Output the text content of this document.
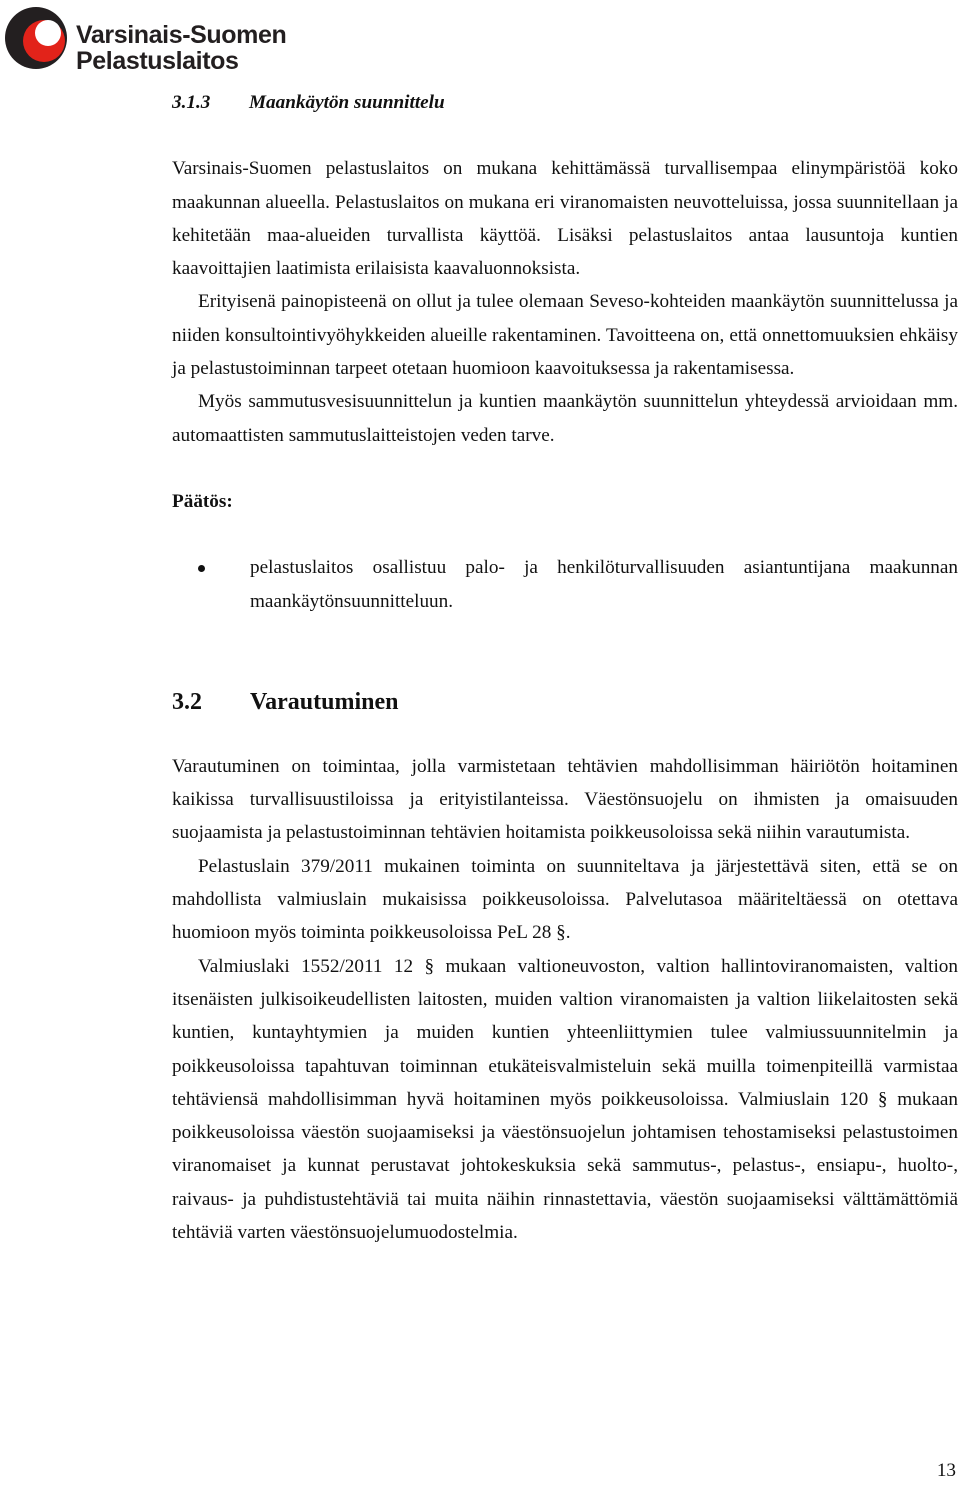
Varsinais-Suomen
Pelastuslaitos
3.1.3 Maankäytön suunnittelu

Varsinais-Suomen pelastuslaitos on mukana kehittämässä turvallisempaa elinympäristöä koko maakunnan alueella. Pelastuslaitos on mukana eri viranomaisten neuvotteluissa, jossa suunnitellaan ja kehitetään maa-alueiden turvallista käyttöä. Lisäksi pelastuslaitos antaa lausuntoja kuntien kaavoittajien laatimista erilaisista kaavaluonnoksista.

Erityisenä painopisteenä on ollut ja tulee olemaan Seveso-kohteiden maankäytön suunnittelussa ja niiden konsultointivyöhykkeiden alueille rakentaminen. Tavoitteena on, että onnettomuuksien ehkäisy ja pelastustoiminnan tarpeet otetaan huomioon kaavoituksessa ja rakentamisessa.

Myös sammutusvesisuunnittelun ja kuntien maankäytön suunnittelun yhteydessä arvioidaan mm. automaattisten sammutuslaitteistojen veden tarve.

Päätös:

pelastuslaitos osallistuu palo- ja henkilöturvallisuuden asiantuntijana maakunnan maankäytönsuunnitteluun.
3.2 Varautuminen

Varautuminen on toimintaa, jolla varmistetaan tehtävien mahdollisimman häiriötön hoitaminen kaikissa turvallisuustiloissa ja erityistilanteissa. Väestönsuojelu on ihmisten ja omaisuuden suojaamista ja pelastustoiminnan tehtävien hoitamista poikkeusoloissa sekä niihin varautumista.

Pelastuslain 379/2011 mukainen toiminta on suunniteltava ja järjestettävä siten, että se on mahdollista valmiuslain mukaisissa poikkeusoloissa. Palvelutasoa määriteltäessä on otettava huomioon myös toiminta poikkeusoloissa PeL 28 §.

Valmiuslaki 1552/2011 12 § mukaan valtioneuvoston, valtion hallintoviranomaisten, valtion itsenäisten julkisoikeudellisten laitosten, muiden valtion viranomaisten ja valtion liikelaitosten sekä kuntien, kuntayhtymien ja muiden kuntien yhteenliittymien tulee valmiussuunnitelmin ja poikkeusoloissa tapahtuvan toiminnan etukäteisvalmisteluin sekä muilla toimenpiteillä varmistaa tehtäviensä mahdollisimman hyvä hoitaminen myös poikkeusoloissa. Valmiuslain 120 § mukaan poikkeusoloissa väestön suojaamiseksi ja väestönsuojelun johtamisen tehostamiseksi pelastustoimen viranomaiset ja kunnat perustavat johtokeskuksia sekä sammutus-, pelastus-, ensiapu-, huolto-, raivaus- ja puhdistustehtäviä tai muita näihin rinnastettavia, väestön suojaamiseksi välttämättömiä tehtäviä varten väestönsuojelumuodostelmia.

13
